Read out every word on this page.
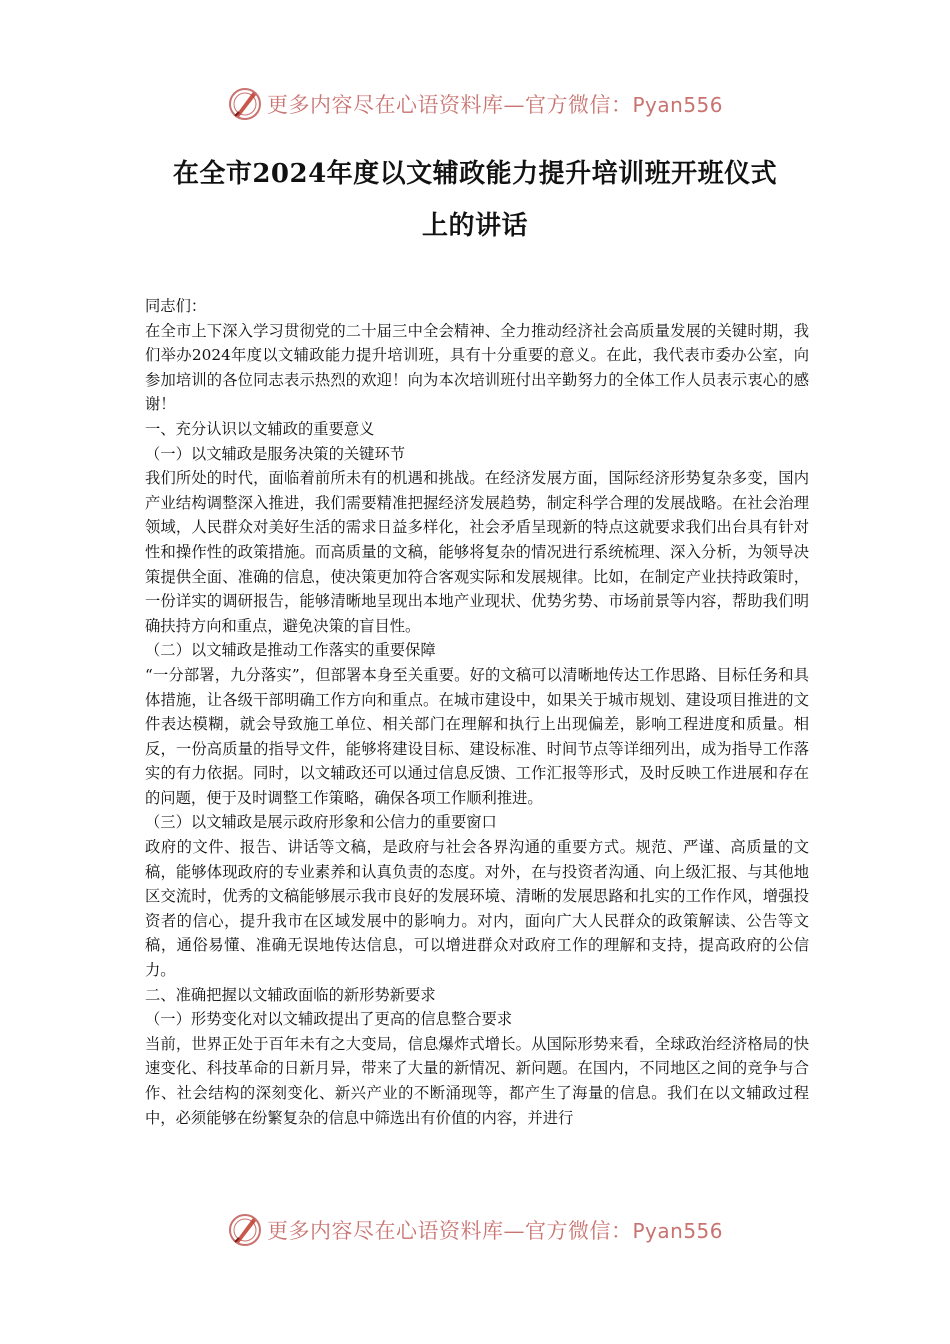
更多内容尽在心语资料库—官方微信：Pyan556
在全市2024年度以文辅政能力提升培训班开班仪式
上的讲话

同志们：

在全市上下深入学习贯彻党的二十届三中全会精神、全力推动经济社会高质量发展的关键时期，我们举办2024年度以文辅政能力提升培训班，具有十分重要的意义。在此，我代表市委办公室，向参加培训的各位同志表示热烈的欢迎！向为本次培训班付出辛勤努力的全体工作人员表示衷心的感谢！

一、充分认识以文辅政的重要意义

（一）以文辅政是服务决策的关键环节

我们所处的时代，面临着前所未有的机遇和挑战。在经济发展方面，国际经济形势复杂多变，国内产业结构调整深入推进，我们需要精准把握经济发展趋势，制定科学合理的发展战略。在社会治理领域，人民群众对美好生活的需求日益多样化，社会矛盾呈现新的特点这就要求我们出台具有针对性和操作性的政策措施。而高质量的文稿，能够将复杂的情况进行系统梳理、深入分析，为领导决策提供全面、准确的信息，使决策更加符合客观实际和发展规律。比如，在制定产业扶持政策时，一份详实的调研报告，能够清晰地呈现出本地产业现状、优势劣势、市场前景等内容，帮助我们明确扶持方向和重点，避免决策的盲目性。

（二）以文辅政是推动工作落实的重要保障

“一分部署，九分落实”，但部署本身至关重要。好的文稿可以清晰地传达工作思路、目标任务和具体措施，让各级干部明确工作方向和重点。在城市建设中，如果关于城市规划、建设项目推进的文件表达模糊，就会导致施工单位、相关部门在理解和执行上出现偏差，影响工程进度和质量。相反，一份高质量的指导文件，能够将建设目标、建设标准、时间节点等详细列出，成为指导工作落实的有力依据。同时，以文辅政还可以通过信息反馈、工作汇报等形式，及时反映工作进展和存在的问题，便于及时调整工作策略，确保各项工作顺利推进。

（三）以文辅政是展示政府形象和公信力的重要窗口

政府的文件、报告、讲话等文稿，是政府与社会各界沟通的重要方式。规范、严谨、高质量的文稿，能够体现政府的专业素养和认真负责的态度。对外，在与投资者沟通、向上级汇报、与其他地区交流时，优秀的文稿能够展示我市良好的发展环境、清晰的发展思路和扎实的工作作风，增强投资者的信心，提升我市在区域发展中的影响力。对内，面向广大人民群众的政策解读、公告等文稿，通俗易懂、准确无误地传达信息，可以增进群众对政府工作的理解和支持，提高政府的公信力。

二、准确把握以文辅政面临的新形势新要求

（一）形势变化对以文辅政提出了更高的信息整合要求

当前，世界正处于百年未有之大变局，信息爆炸式增长。从国际形势来看，全球政治经济格局的快速变化、科技革命的日新月异，带来了大量的新情况、新问题。在国内，不同地区之间的竞争与合作、社会结构的深刻变化、新兴产业的不断涌现等，都产生了海量的信息。我们在以文辅政过程中，必须能够在纷繁复杂的信息中筛选出有价值的内容，并进行

更多内容尽在心语资料库—官方微信：Pyan556
